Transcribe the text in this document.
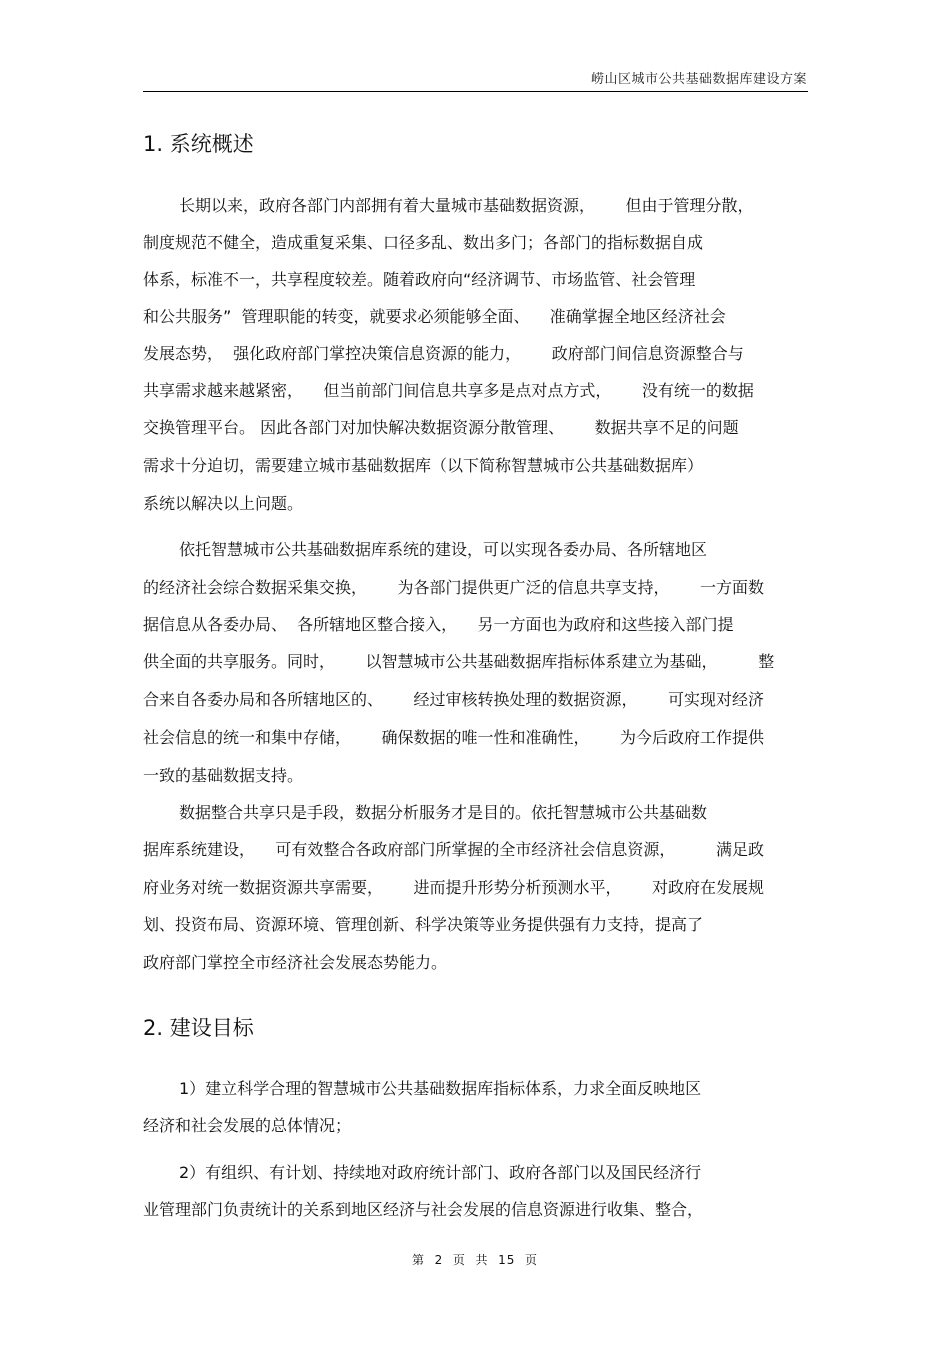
崂山区城市公共基础数据库建设方案
1. 系统概述
长期以来，政府各部门内部拥有着大量城市基础数据资源，      但由于管理分散，
制度规范不健全，造成重复采集、口径多乱、数出多门；各部门的指标数据自成
体系，标准不一，共享程度较差。随着政府向“经济调节、市场监管、社会管理
和公共服务”  管理职能的转变，就要求必须能够全面、    准确掌握全地区经济社会
发展态势，  强化政府部门掌控决策信息资源的能力，      政府部门间信息资源整合与
共享需求越来越紧密，    但当前部门间信息共享多是点对点方式，      没有统一的数据
交换管理平台。 因此各部门对加快解决数据资源分散管理、      数据共享不足的问题
需求十分迫切，需要建立城市基础数据库（以下简称智慧城市公共基础数据库）
系统以解决以上问题。
依托智慧城市公共基础数据库系统的建设，可以实现各委办局、各所辖地区
的经济社会综合数据采集交换，      为各部门提供更广泛的信息共享支持，      一方面数
据信息从各委办局、  各所辖地区整合接入，    另一方面也为政府和这些接入部门提
供全面的共享服务。同时，      以智慧城市公共基础数据库指标体系建立为基础，        整
合来自各委办局和各所辖地区的、      经过审核转换处理的数据资源，      可实现对经济
社会信息的统一和集中存储，      确保数据的唯一性和准确性，      为今后政府工作提供
一致的基础数据支持。
数据整合共享只是手段，数据分析服务才是目的。依托智慧城市公共基础数
据库系统建设，    可有效整合各政府部门所掌握的全市经济社会信息资源，        满足政
府业务对统一数据资源共享需要，      进而提升形势分析预测水平，      对政府在发展规
划、投资布局、资源环境、管理创新、科学决策等业务提供强有力支持，提高了
政府部门掌控全市经济社会发展态势能力。
2. 建设目标
1）建立科学合理的智慧城市公共基础数据库指标体系，力求全面反映地区
经济和社会发展的总体情况；
2）有组织、有计划、持续地对政府统计部门、政府各部门以及国民经济行
业管理部门负责统计的关系到地区经济与社会发展的信息资源进行收集、整合，
第  2  页  共  15  页
